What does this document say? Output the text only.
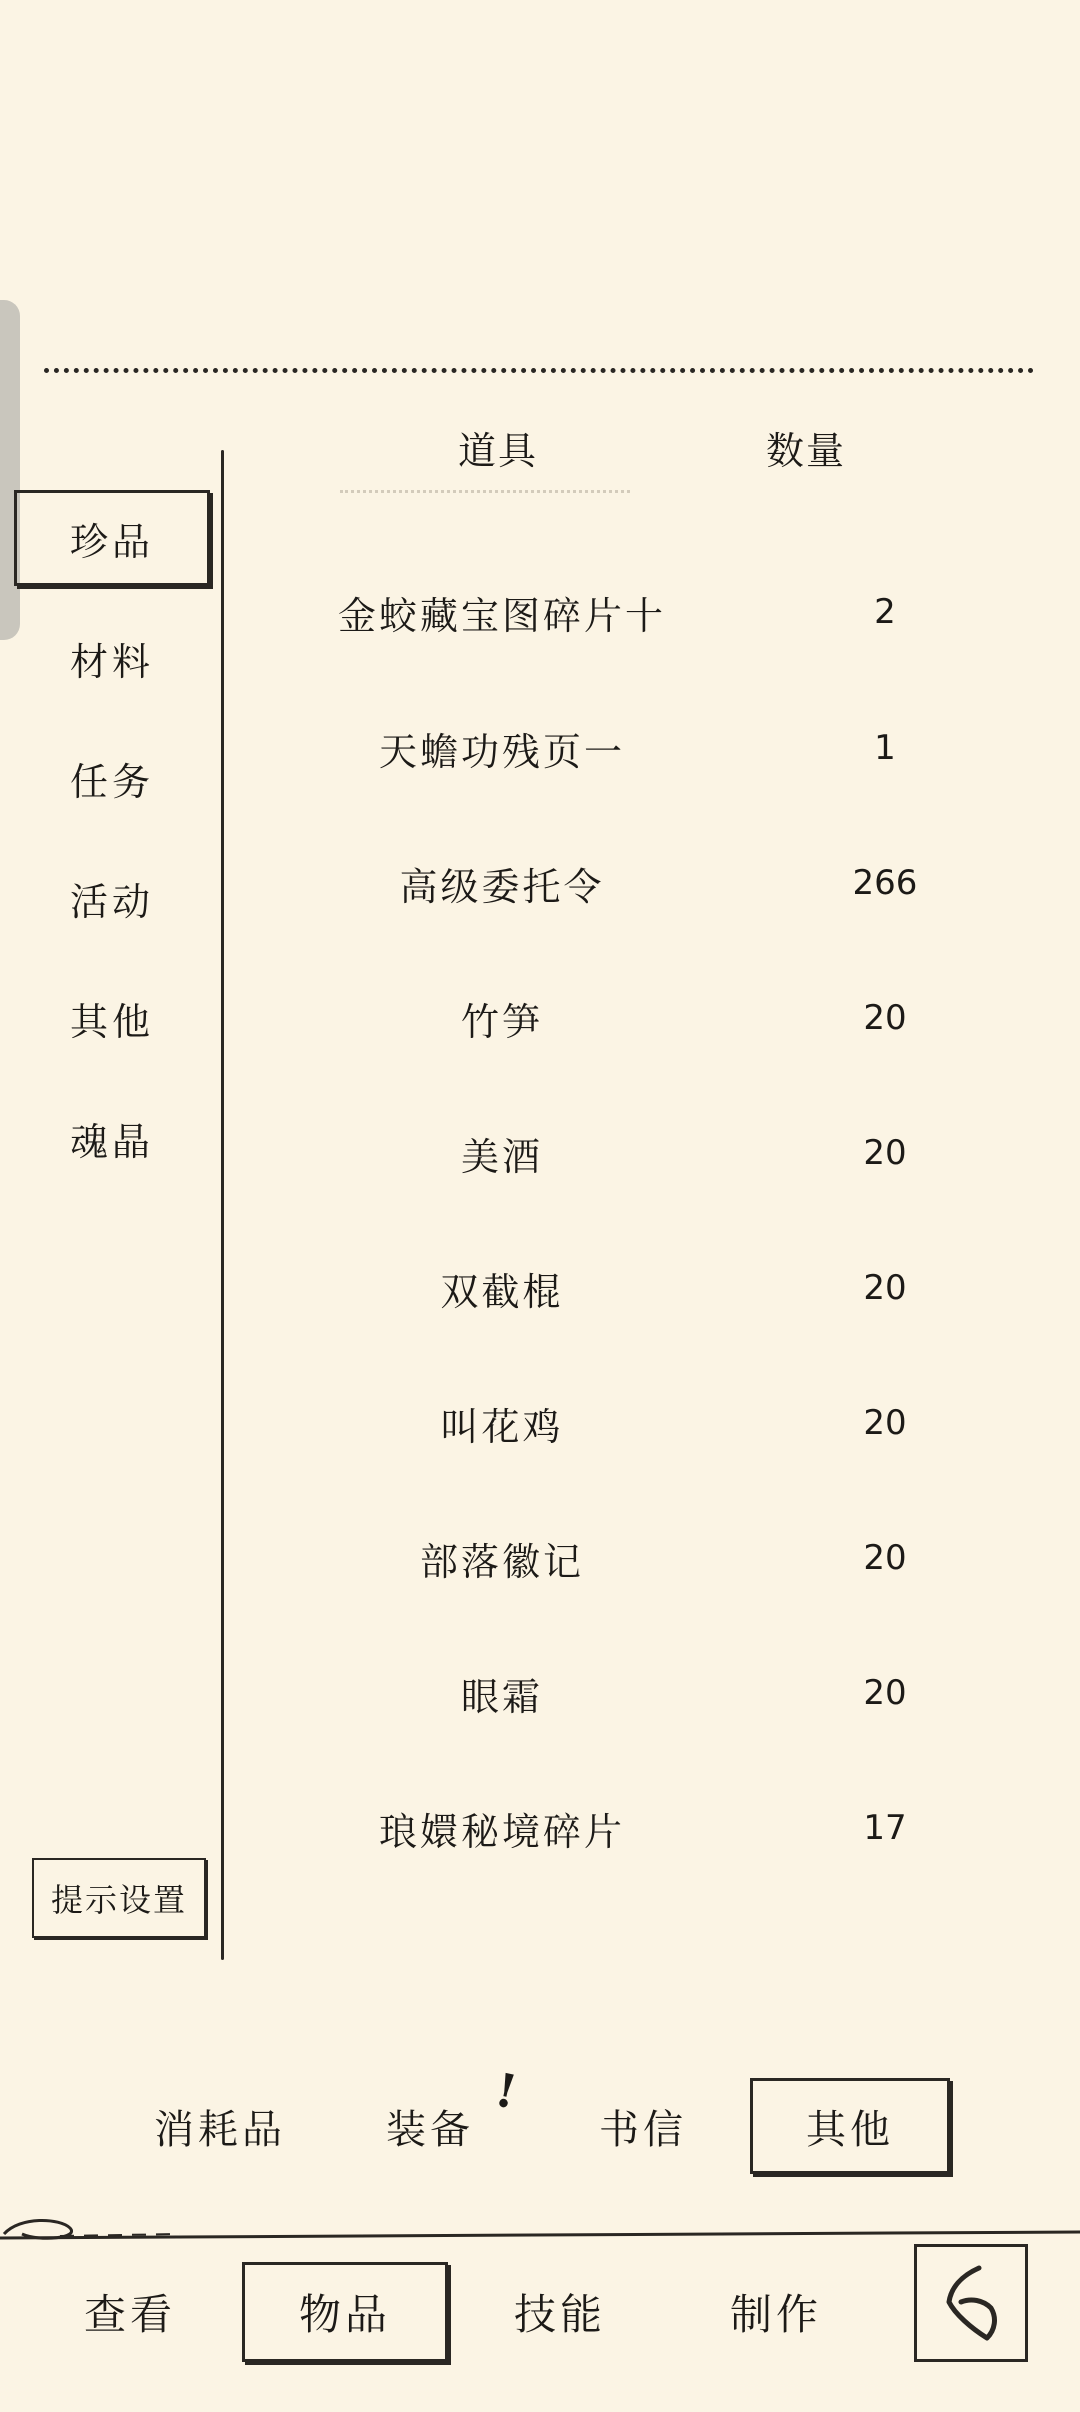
道具	数量
珍品
材料
任务
活动
其他
魂晶
提示设置
金蛟藏宝图碎片十	2
天蟾功残页一	1
高级委托令	266
竹笋	20
美酒	20
双截棍	20
叫花鸡	20
部落徽记	20
眼霜	20
琅嬛秘境碎片	17
消耗品	装备
!
书信	其他
查看	物品	技能	制作
